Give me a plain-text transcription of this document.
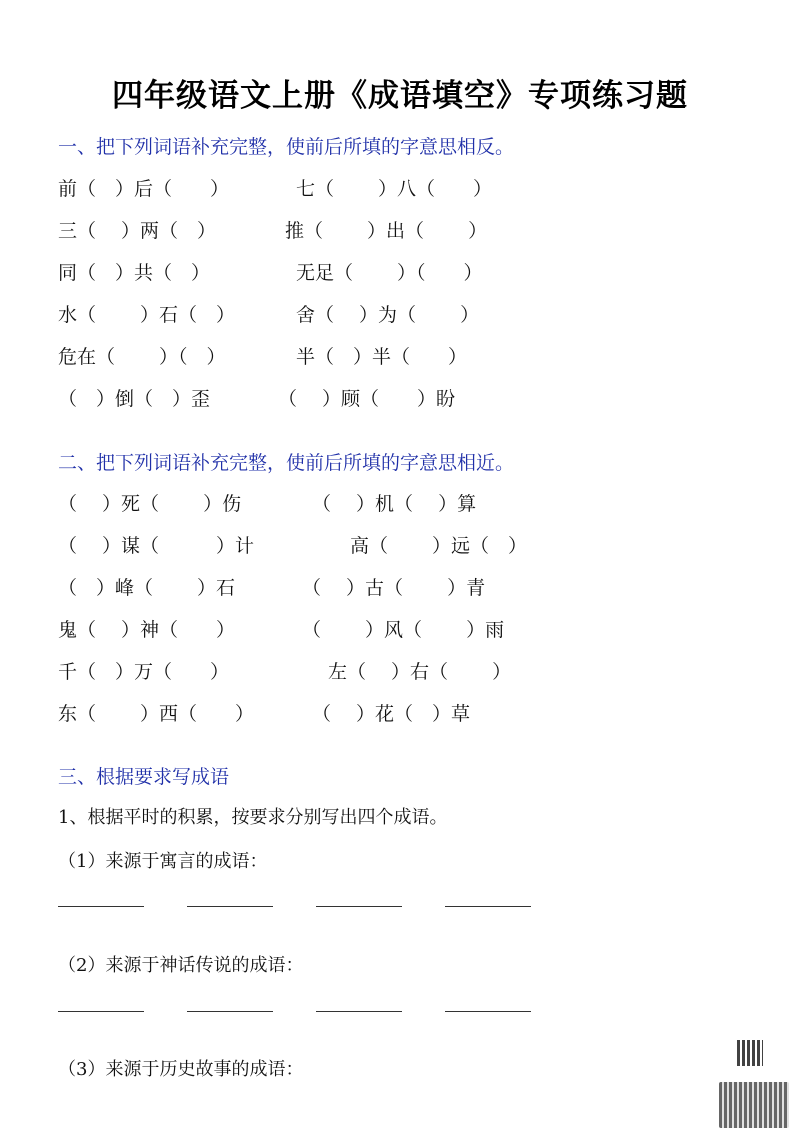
四年级语文上册《成语填空》专项练习题
一、把下列词语补充完整，使前后所填的字意思相反。
前（　）后（　　）	七（　　 ）八（　　）
三（　 ）两（　）	推（　　 ）出（　　 ）
同（　）共（　）	无足（　　 ）（　　）
水（　　 ）石（　）	舍（　 ）为（　　 ）
危在（　　 ）（　）	半（　）半（　　）
（　）倒（　）歪	（　 ）顾（　　）盼
二、把下列词语补充完整，使前后所填的字意思相近。
（　 ）死（　　 ）伤	（　 ）机（　 ）算
（　 ）谋（　　　）计	高（　　 ）远（　）
（　）峰（　　 ）石	（　 ）古（　　 ）青
鬼（　 ）神（　　）	（　　 ）风（　　 ）雨
千（　）万（　　）	左（　 ）右（　　 ）
东（　　 ）西（　　）	（　 ）花（　）草
三、根据要求写成语
1、根据平时的积累，按要求分别写出四个成语。
（1）来源于寓言的成语：
（2）来源于神话传说的成语：
（3）来源于历史故事的成语：
